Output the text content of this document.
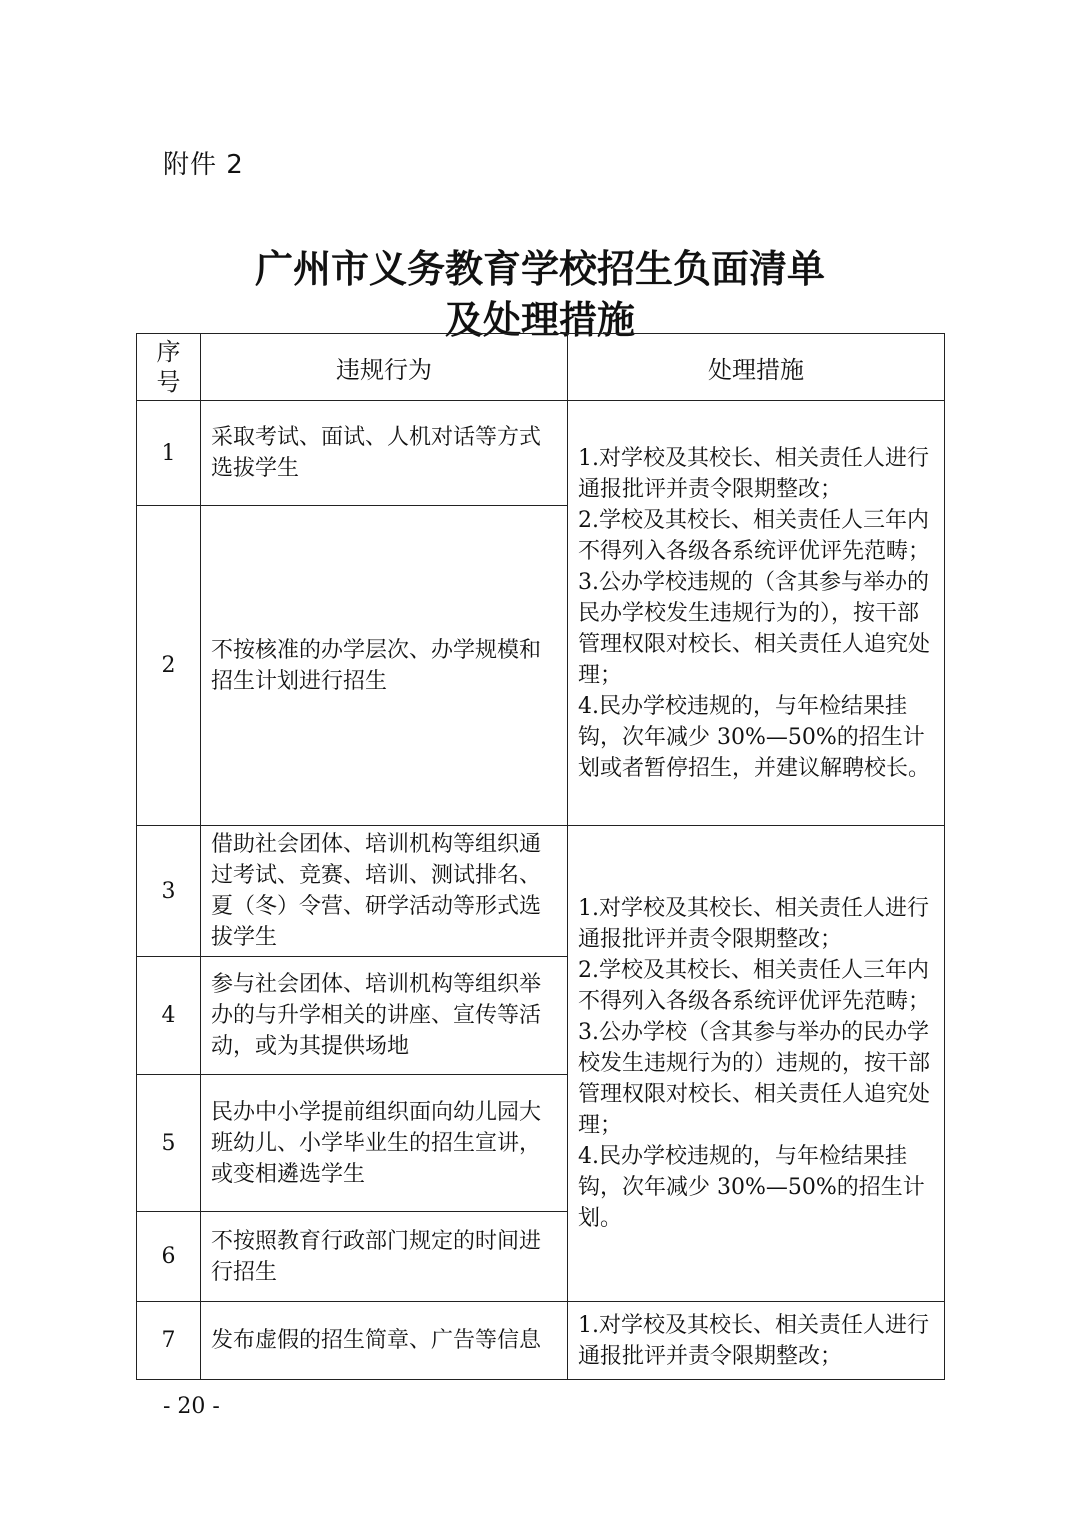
附件 2
广州市义务教育学校招生负面清单
及处理措施
序
号	违规行为	处理措施
1	采取考试、面试、人机对话等方式选拔学生	1.对学校及其校长、相关责任人进行通报批评并责令限期整改；
2.学校及其校长、相关责任人三年内不得列入各级各系统评优评先范畴；
3.公办学校违规的（含其参与举办的民办学校发生违规行为的），按干部管理权限对校长、相关责任人追究处理；
4.民办学校违规的，与年检结果挂钩，次年减少 30%—50%的招生计划或者暂停招生，并建议解聘校长。

2	不按核准的办学层次、办学规模和招生计划进行招生	

3	借助社会团体、培训机构等组织通过考试、竞赛、培训、测试排名、夏（冬）令营、研学活动等形式选拔学生	1.对学校及其校长、相关责任人进行通报批评并责令限期整改；
2.学校及其校长、相关责任人三年内不得列入各级各系统评优评先范畴；
3.公办学校（含其参与举办的民办学校发生违规行为的）违规的，按干部管理权限对校长、相关责任人追究处理；
4.民办学校违规的，与年检结果挂钩，次年减少 30%—50%的招生计划。

4	参与社会团体、培训机构等组织举办的与升学相关的讲座、宣传等活动，或为其提供场地	

5	民办中小学提前组织面向幼儿园大班幼儿、小学毕业生的招生宣讲，或变相遴选学生	

6	不按照教育行政部门规定的时间进行招生	

7	发布虚假的招生简章、广告等信息	1.对学校及其校长、相关责任人进行通报批评并责令限期整改；
- 20 -
